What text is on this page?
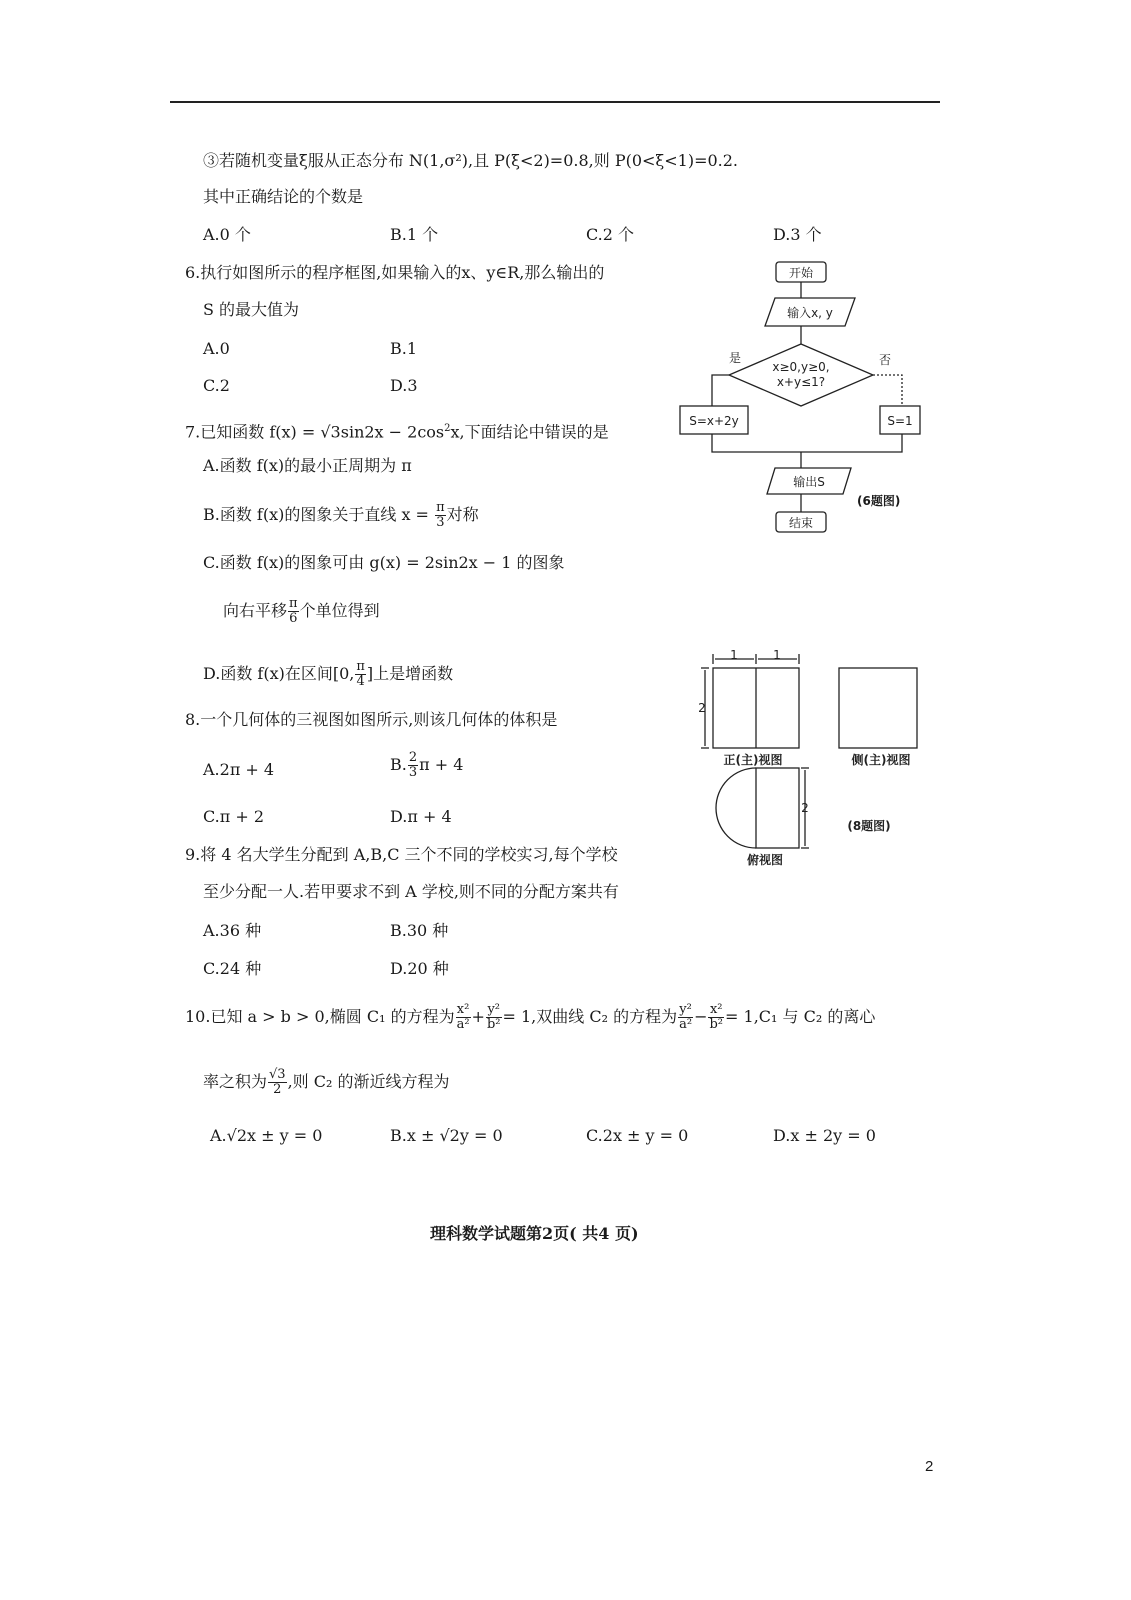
③若随机变量ξ服从正态分布 N(1,σ²),且 P(ξ<2)=0.8,则 P(0<ξ<1)=0.2.
其中正确结论的个数是
A.0 个	B.1 个	C.2 个	D.3 个
6.执行如图所示的程序框图,如果输入的x、y∈R,那么输出的
S 的最大值为
A.0	B.1
C.2	D.3
开始
输入x, y
是	否
x≥0,y≥0,
x+y≤1?
S=x+2y	S=1
输出S
结束
(6题图)
7.已知函数 $f(x) = √3\sin 2x - 2\cos^2x$,下面结论中错误的是
A.函数 f(x)的最小正周期为 π
B.函数 f(x)的图象关于直线 $x = \frac{\pi}{3}$ 对称
C.函数 f(x)的图象可由 g(x) = 2sin2x − 1 的图象
向右平移 $\frac{\pi}{6}$ 个单位得到
D.函数 f(x)在区间[0, $\frac{\pi}{4}$ ]上是增函数
8.一个几何体的三视图如图所示,则该几何体的体积是
A.2π + 4	B. $\frac{2}{3}$ π + 4
C.π + 2	D.π + 4
1	1
2
2
正(主)视图	侧(主)视图
俯视图
(8题图)
9.将 4 名大学生分配到 A,B,C 三个不同的学校实习,每个学校
至少分配一人.若甲要求不到 A 学校,则不同的分配方案共有
A.36 种	B.30 种
C.24 种	D.20 种
10.已知 a > b > 0,椭圆 C₁ 的方程为 $\frac{\text{x²}}{\text{a²}} + \frac{\text{y²}}{\text{b²}} = 1$,双曲线 C₂ 的方程为 $\frac{\text{y²}}{\text{a²}} - \frac{\text{x²}}{\text{b²}} = 1,C_1$ 与 C₂ 的离心
率之积为 $\frac{√3}{2}$ ,则 C₂ 的渐近线方程为
A.√2x ± y = 0	B.x ± √2y = 0	C.2x ± y = 0	D.x ± 2y = 0
理科数学试题第2页( 共4 页)
2
